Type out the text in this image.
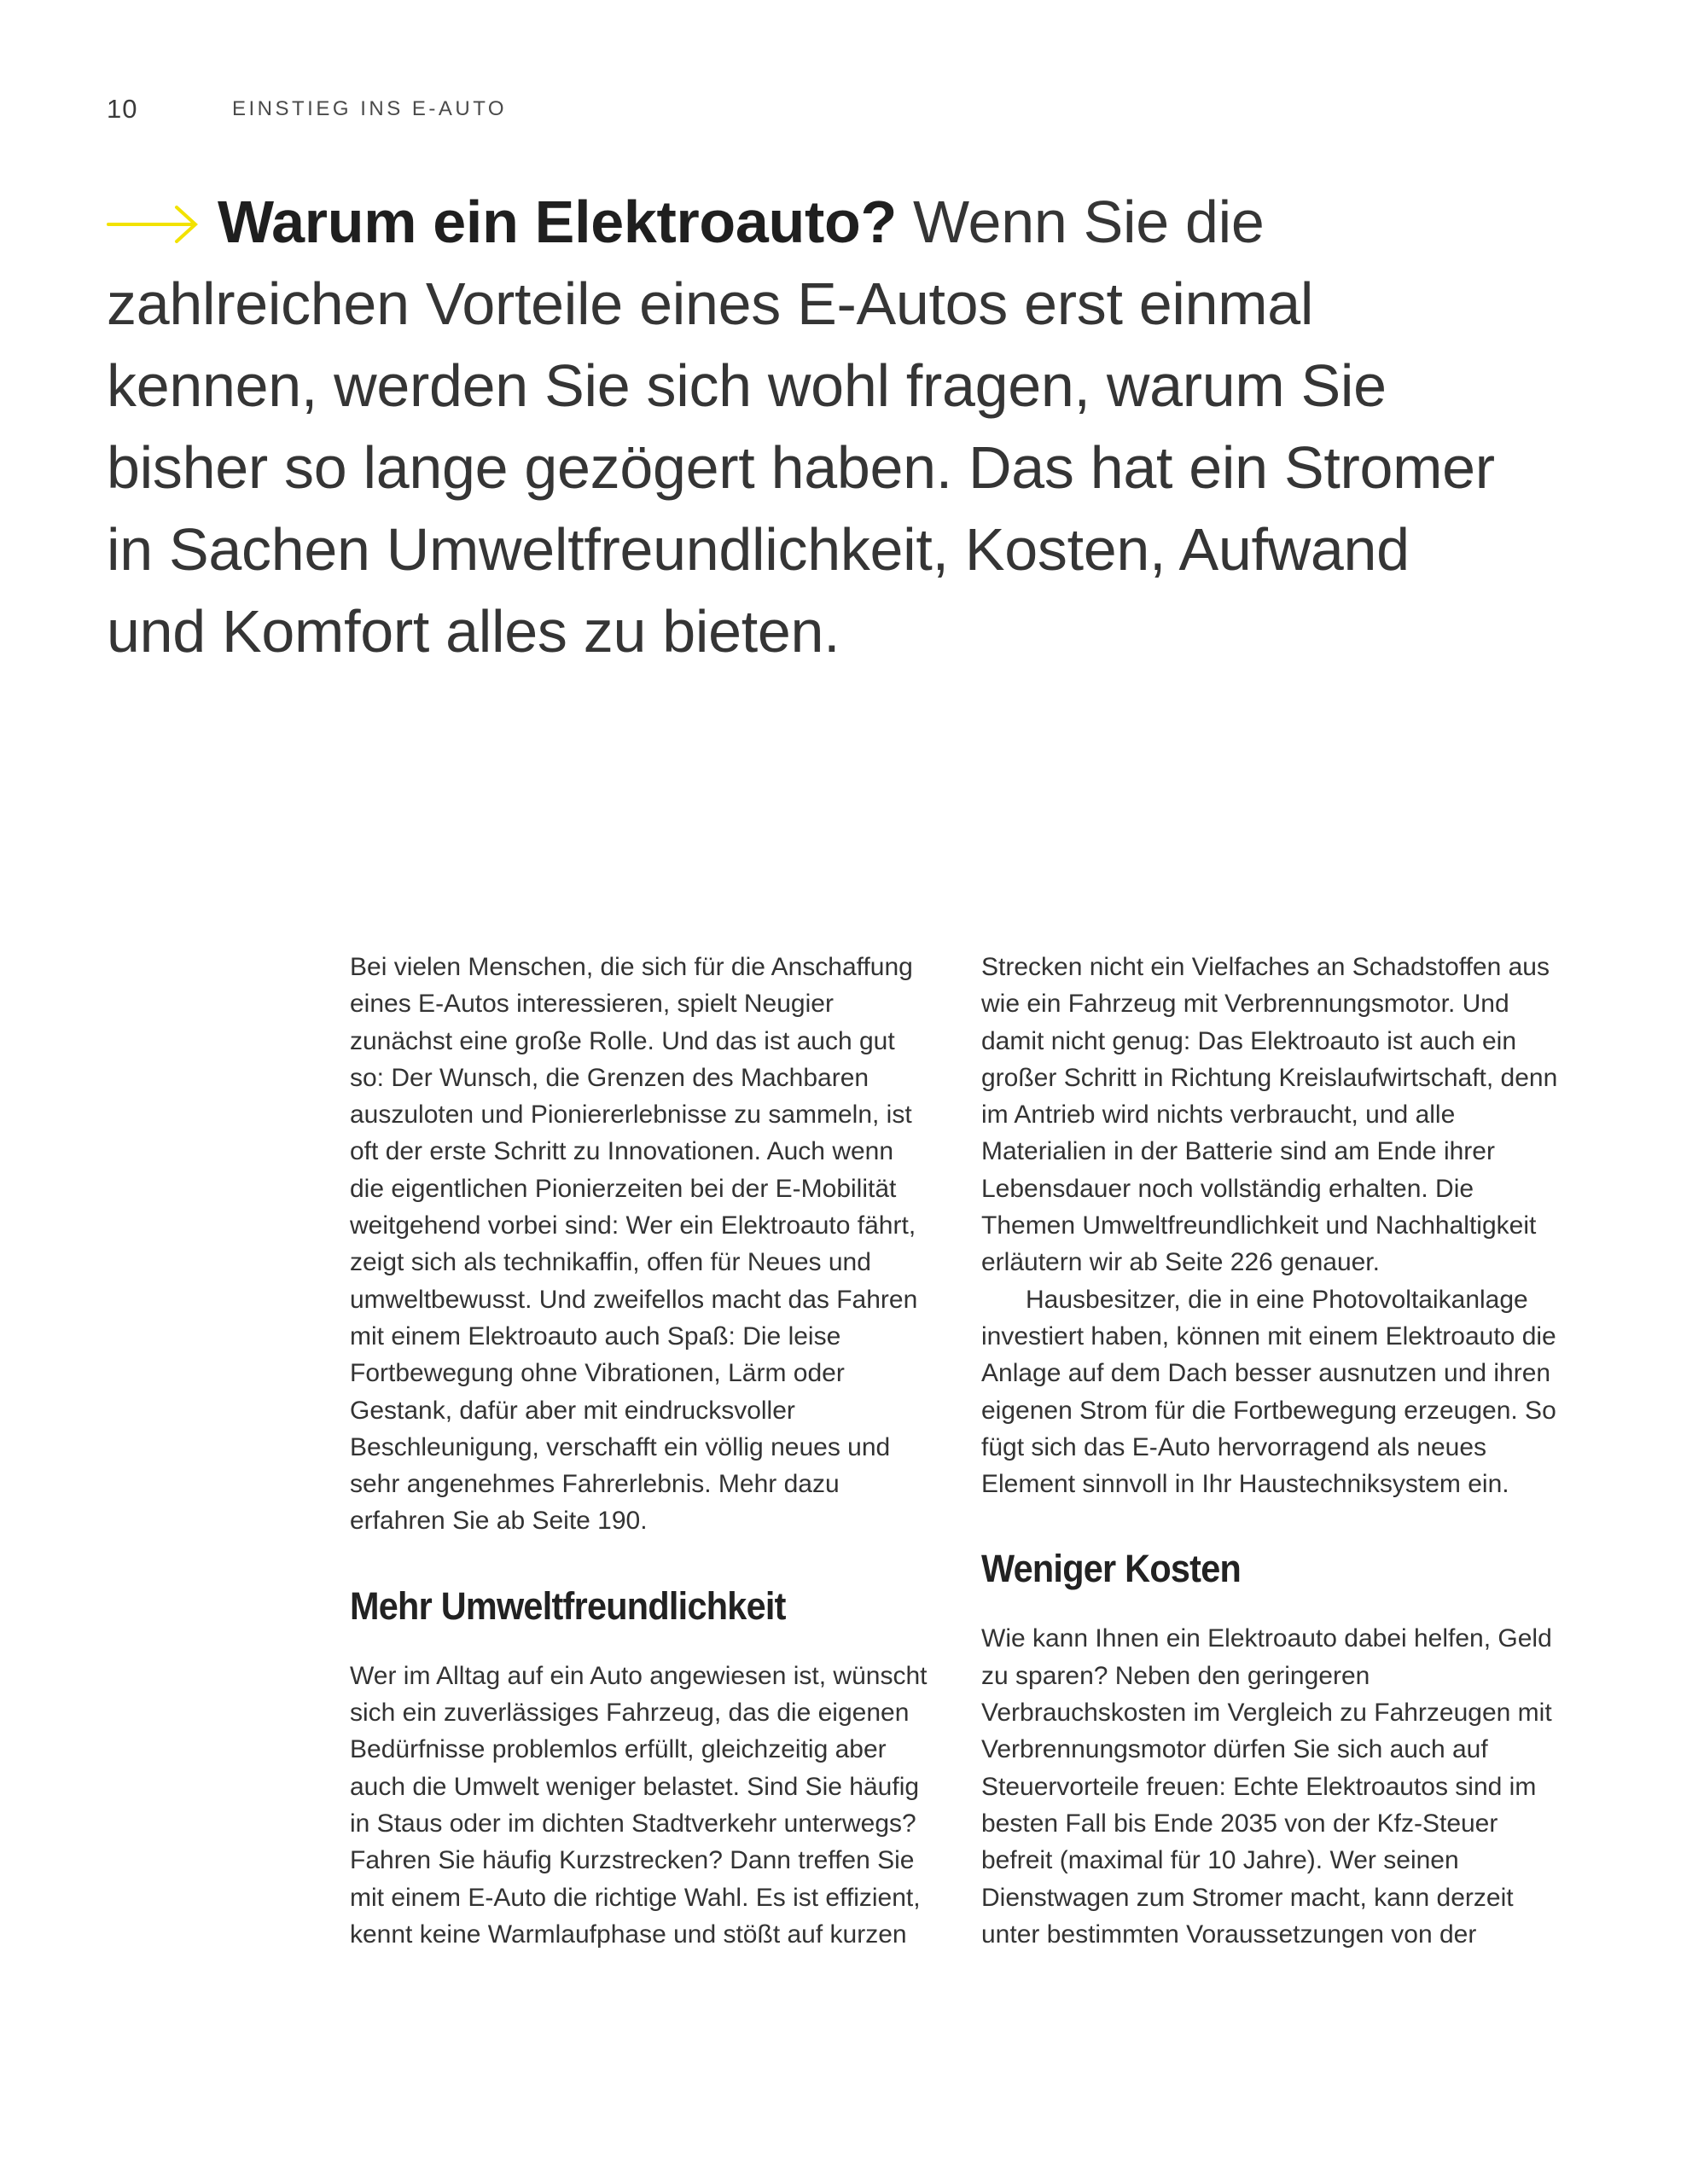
10	EINSTIEG INS E-AUTO
Warum ein Elektroauto? Wenn Sie die zahlreichen Vorteile eines E-Autos erst einmal kennen, werden Sie sich wohl fragen, warum Sie bisher so lange gezögert haben. Das hat ein Stromer in Sachen Umweltfreundlichkeit, Kosten, Aufwand und Komfort alles zu bieten.

Bei vielen Menschen, die sich für die Anschaffung eines E-Autos interessieren, spielt Neugier zunächst eine große Rolle. Und das ist auch gut so: Der Wunsch, die Grenzen des Machbaren auszuloten und Pioniererlebnisse zu sammeln, ist oft der erste Schritt zu Innovationen. Auch wenn die eigentlichen Pionierzeiten bei der E-Mobilität weitgehend vorbei sind: Wer ein Elektroauto fährt, zeigt sich als technikaffin, offen für Neues und umweltbewusst. Und zweifellos macht das Fahren mit einem Elektroauto auch Spaß: Die leise Fortbewegung ohne Vibrationen, Lärm oder Gestank, dafür aber mit eindrucksvoller Beschleunigung, verschafft ein völlig neues und sehr angenehmes Fahrerlebnis. Mehr dazu erfahren Sie ab Seite 190.

Mehr Umweltfreundlichkeit

Wer im Alltag auf ein Auto angewiesen ist, wünscht sich ein zuverlässiges Fahrzeug, das die eigenen Bedürfnisse problemlos erfüllt, gleichzeitig aber auch die Umwelt weniger belastet. Sind Sie häufig in Staus oder im dichten Stadtverkehr unterwegs? Fahren Sie häufig Kurzstrecken? Dann treffen Sie mit einem E-Auto die richtige Wahl. Es ist effizient, kennt keine Warmlaufphase und stößt auf kurzen

Strecken nicht ein Vielfaches an Schadstoffen aus wie ein Fahrzeug mit Verbrennungsmotor. Und damit nicht genug: Das Elektroauto ist auch ein großer Schritt in Richtung Kreislaufwirtschaft, denn im Antrieb wird nichts verbraucht, und alle Materialien in der Batterie sind am Ende ihrer Lebensdauer noch vollständig erhalten. Die Themen Umweltfreundlichkeit und Nachhaltigkeit erläutern wir ab Seite 226 genauer.

Hausbesitzer, die in eine Photovoltaikanlage investiert haben, können mit einem Elektroauto die Anlage auf dem Dach besser ausnutzen und ihren eigenen Strom für die Fortbewegung erzeugen. So fügt sich das E-Auto hervorragend als neues Element sinnvoll in Ihr Haustechniksystem ein.

Weniger Kosten

Wie kann Ihnen ein Elektroauto dabei helfen, Geld zu sparen? Neben den geringeren Verbrauchskosten im Vergleich zu Fahrzeugen mit Verbrennungsmotor dürfen Sie sich auch auf Steuervorteile freuen: Echte Elektroautos sind im besten Fall bis Ende 2035 von der Kfz-Steuer befreit (maximal für 10 Jahre). Wer seinen Dienstwagen zum Stromer macht, kann derzeit unter bestimmten Voraussetzungen von der
